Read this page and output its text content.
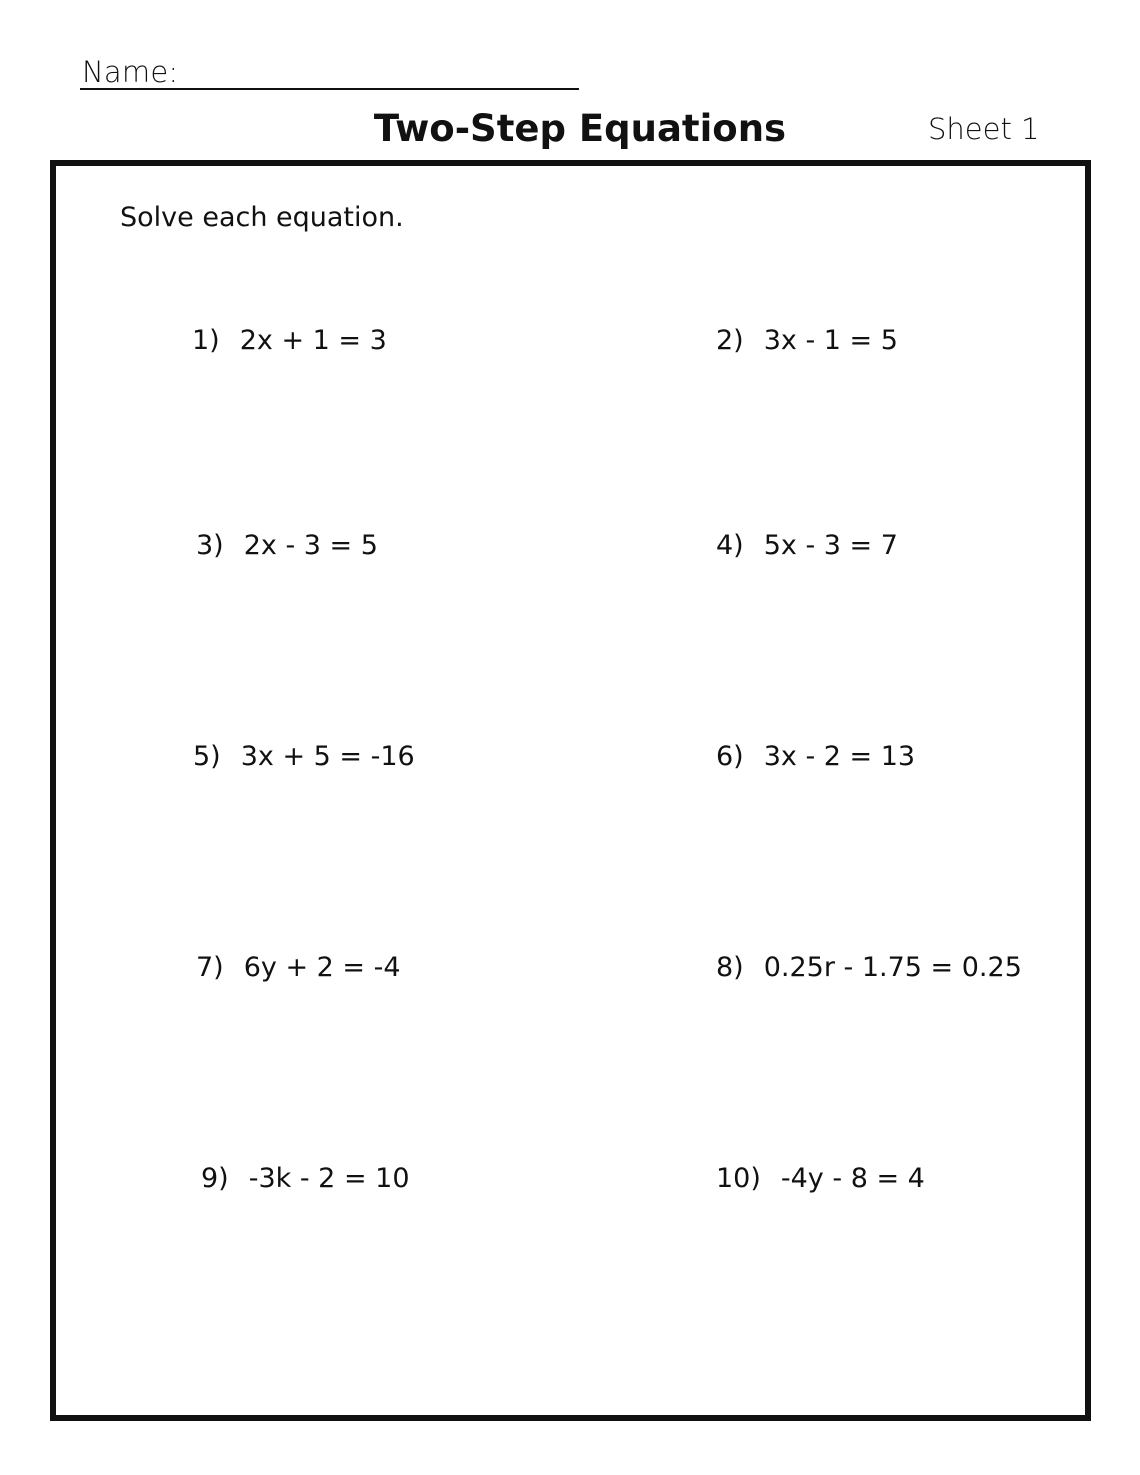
Name:
Two-Step Equations	Sheet 1
Solve each equation.
1) 2x + 1 = 3	2) 3x - 1 = 5
3) 2x - 3 = 5	4) 5x - 3 = 7
5) 3x + 5 = -16	6) 3x - 2 = 13
7) 6y + 2 = -4	8) 0.25r - 1.75 = 0.25
9) -3k - 2 = 10	10) -4y - 8 = 4
